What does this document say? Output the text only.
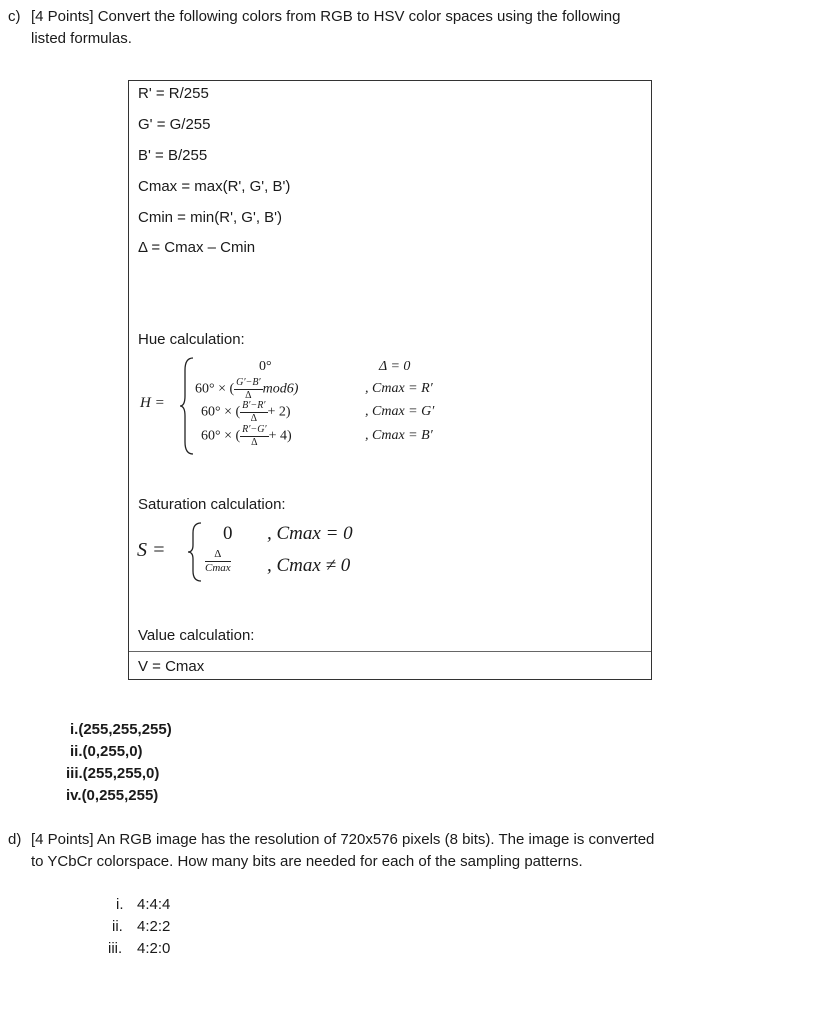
c) [4 Points] Convert the following colors from RGB to HSV color spaces using the following listed formulas.
R' = R/255
G' = G/255
B' = B/255
Cmax = max(R', G', B')
Cmin = min(R', G', B')
Δ = Cmax – Cmin
Hue calculation:
H =
0°	Δ = 0
60° × ( $\frac{G'-B'}{\Delta} mod6$)	, Cmax = R′
60° × ( $\frac{B'-R'}{\Delta} + 2$)	, Cmax = G′
60° × ( $\frac{R'-G'}{\Delta} + 4$)	, Cmax = B′
Saturation calculation:
S =
0 , Cmax = 0
$\frac{\Delta}{Cmax}$ , Cmax ≠ 0
Value calculation:
V = Cmax
i.(255,255,255)
ii.(0,255,0)
iii.(255,255,0)
iv.(0,255,255)
d) [4 Points] An RGB image has the resolution of 720x576 pixels (8 bits). The image is converted to YCbCr colorspace. How many bits are needed for each of the sampling patterns.
i. 4:4:4
ii. 4:2:2
iii. 4:2:0
